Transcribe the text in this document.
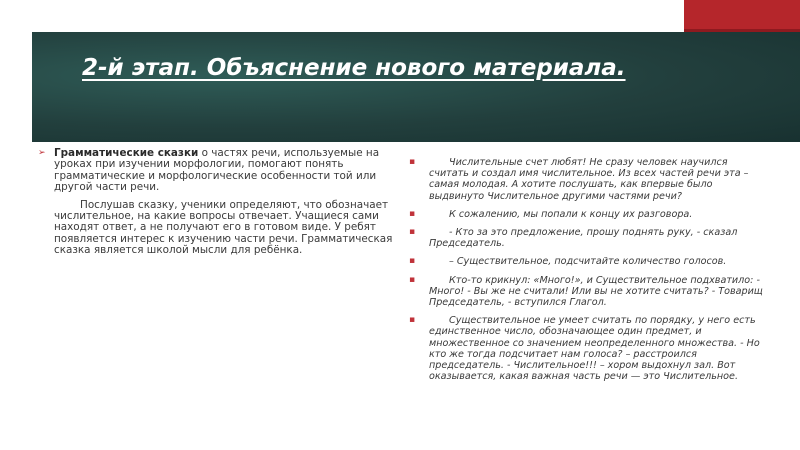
2-й этап. Объяснение нового материала.

➢ Грамматические сказки о частях речи, используемые на уроках при изучении морфологии, помогают понять грамматические и морфологические особенности той или другой части речи.

Послушав сказку, ученики определяют, что обозначает числительное, на какие вопросы отвечает. Учащиеся сами находят ответ, а не получают его в готовом виде. У ребят появляется интерес к изучению части речи. Грамматическая сказка является школой мысли для ребёнка.

▪	Числительные счет любят! Не сразу человек научился считать и создал имя числительное. Из всех частей речи эта – самая молодая. А хотите послушать, как впервые было выдвинуто Числительное другими частями речи?

▪	К сожалению, мы попали к концу их разговора.

▪	- Кто за это предложение, прошу поднять руку, - сказал Председатель.

▪	– Существительное, подсчитайте количество голосов.

▪	Кто-то крикнул: «Много!», и Существительное подхватило: - Много! - Вы же не считали! Или вы не хотите считать? - Товарищ Председатель, - вступился Глагол.

▪	Существительное не умеет считать по порядку, у него есть единственное число, обозначающее один предмет, и множественное со значением неопределенного множества. - Но кто же тогда подсчитает нам голоса? – расстроился председатель. - Числительное!!! – хором выдохнул зал. Вот оказывается, какая важная часть речи — это Числительное.
